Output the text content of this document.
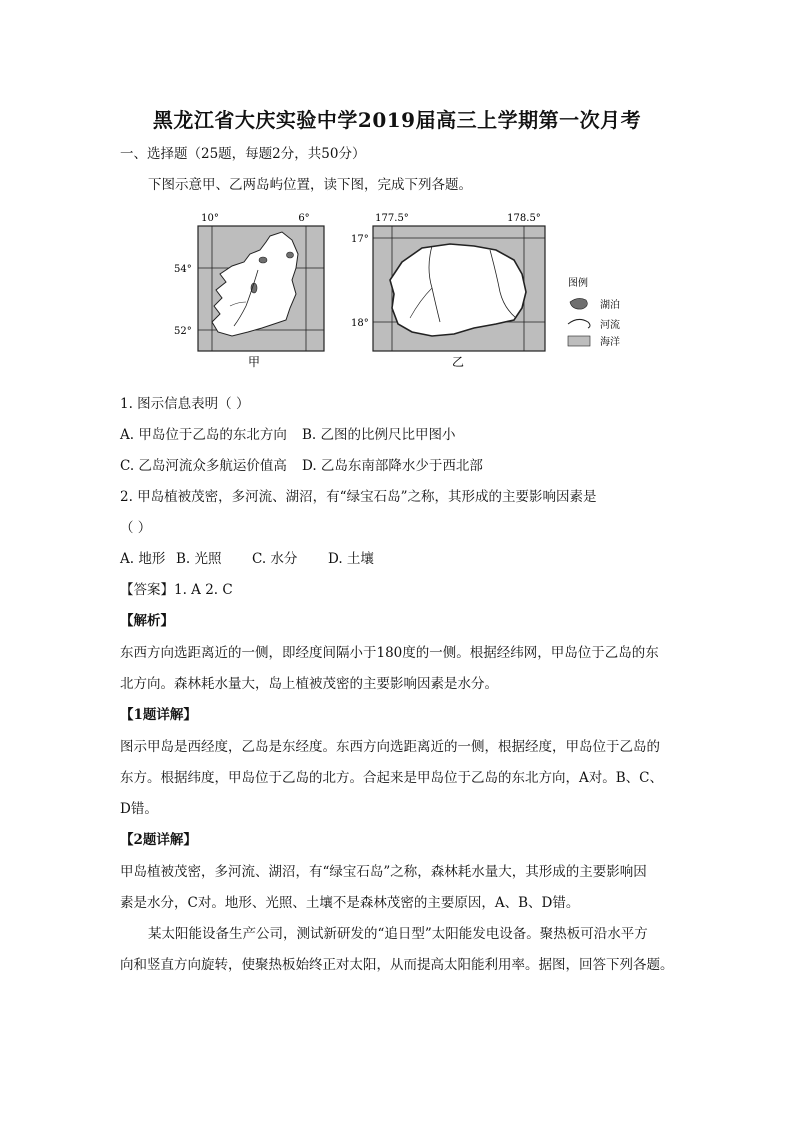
黑龙江省大庆实验中学2019届高三上学期第一次月考
一、选择题（25题，每题2分，共50分）
下图示意甲、乙两岛屿位置，读下图，完成下列各题。
10°	6°
54°
52°
甲
177.5°	178.5°
17°
18°
乙
图例
湖泊
河流
海洋
1. 图示信息表明（ ）
A. 甲岛位于乙岛的东北方向 B. 乙图的比例尺比甲图小
C. 乙岛河流众多航运价值高 D. 乙岛东南部降水少于西北部
2. 甲岛植被茂密，多河流、湖沼，有“绿宝石岛”之称，其形成的主要影响因素是
（ ）
A. 地形 B. 光照 C. 水分 D. 土壤
【答案】1. A 2. C
【解析】
东西方向选距离近的一侧，即经度间隔小于180度的一侧。根据经纬网，甲岛位于乙岛的东
北方向。森林耗水量大，岛上植被茂密的主要影响因素是水分。
【1题详解】
图示甲岛是西经度，乙岛是东经度。东西方向选距离近的一侧，根据经度，甲岛位于乙岛的
东方。根据纬度，甲岛位于乙岛的北方。合起来是甲岛位于乙岛的东北方向，A对。B、C、
D错。
【2题详解】
甲岛植被茂密，多河流、湖沼，有“绿宝石岛”之称，森林耗水量大，其形成的主要影响因
素是水分，C对。地形、光照、土壤不是森林茂密的主要原因，A、B、D错。
某太阳能设备生产公司，测试新研发的“追日型”太阳能发电设备。聚热板可沿水平方
向和竖直方向旋转，使聚热板始终正对太阳，从而提高太阳能利用率。据图，回答下列各题。
